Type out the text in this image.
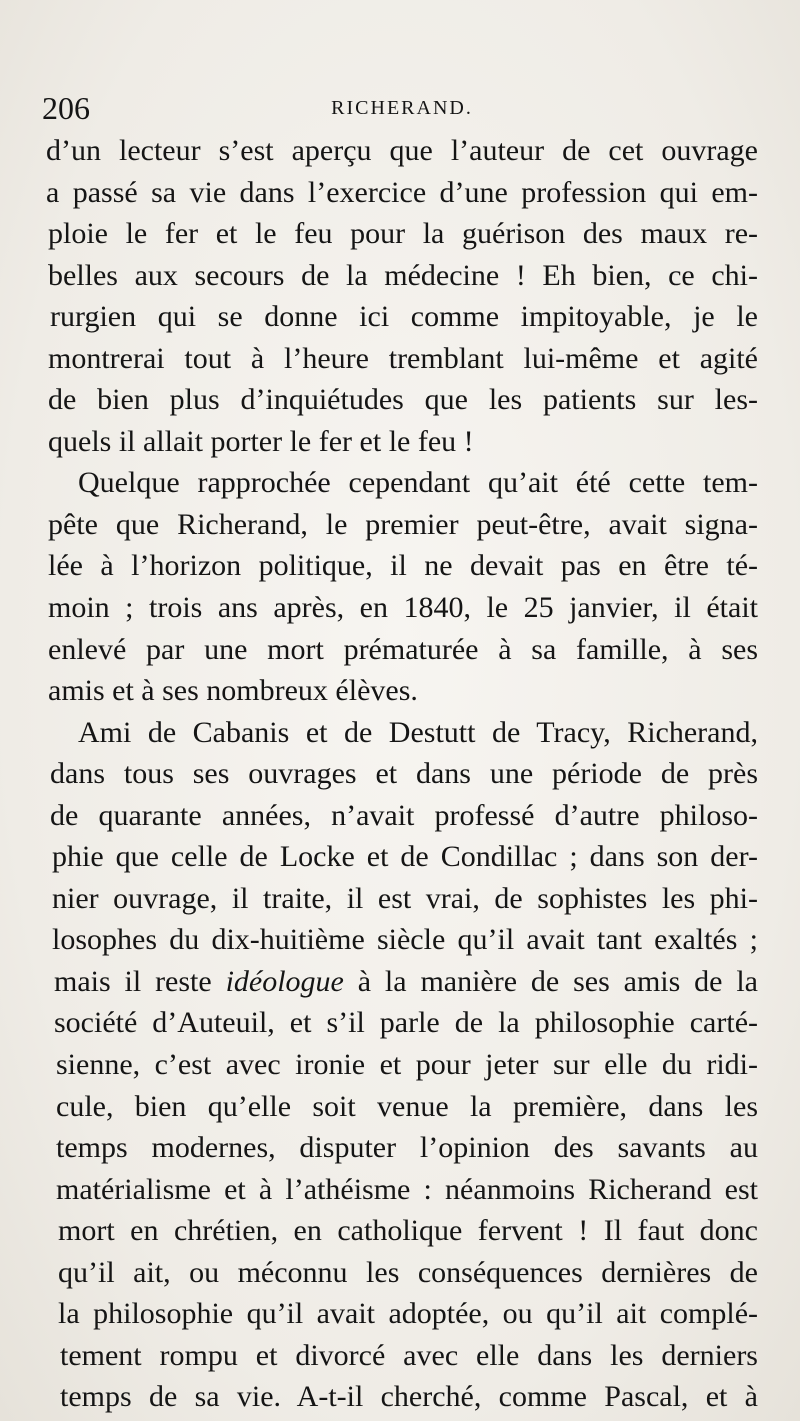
206	RICHERAND.
d’un lecteur s’est aperçu que l’auteur de cet ouvrage
a passé sa vie dans l’exercice d’une profession qui em-
ploie le fer et le feu pour la guérison des maux re-
belles aux secours de la médecine ! Eh bien, ce chi-
rurgien qui se donne ici comme impitoyable, je le
montrerai tout à l’heure tremblant lui-même et agité
de bien plus d’inquiétudes que les patients sur les-
quels il allait porter le fer et le feu !
Quelque rapprochée cependant qu’ait été cette tem-
pête que Richerand, le premier peut-être, avait signa-
lée à l’horizon politique, il ne devait pas en être té-
moin ; trois ans après, en 1840, le 25 janvier, il était
enlevé par une mort prématurée à sa famille, à ses
amis et à ses nombreux élèves.
Ami de Cabanis et de Destutt de Tracy, Richerand,
dans tous ses ouvrages et dans une période de près
de quarante années, n’avait professé d’autre philoso-
phie que celle de Locke et de Condillac ; dans son der-
nier ouvrage, il traite, il est vrai, de sophistes les phi-
losophes du dix-huitième siècle qu’il avait tant exaltés ;
mais il reste idéologue à la manière de ses amis de la
société d’Auteuil, et s’il parle de la philosophie carté-
sienne, c’est avec ironie et pour jeter sur elle du ridi-
cule, bien qu’elle soit venue la première, dans les
temps modernes, disputer l’opinion des savants au
matérialisme et à l’athéisme : néanmoins Richerand est
mort en chrétien, en catholique fervent ! Il faut donc
qu’il ait, ou méconnu les conséquences dernières de
la philosophie qu’il avait adoptée, ou qu’il ait complé-
tement rompu et divorcé avec elle dans les derniers
temps de sa vie. A-t-il cherché, comme Pascal, et à
